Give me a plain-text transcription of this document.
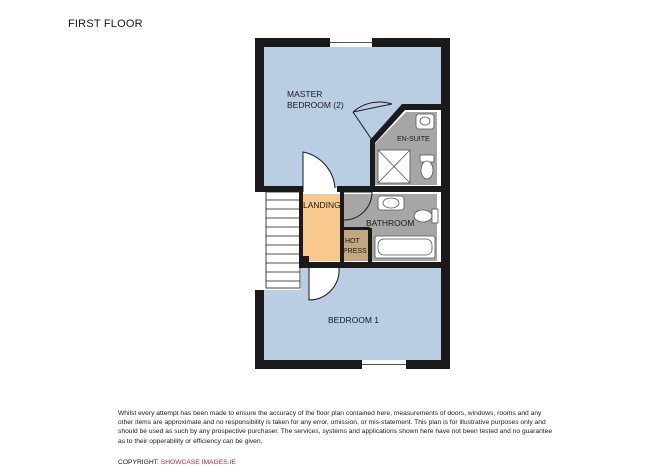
FIRST FLOOR
MASTER
BEDROOM (2)
EN-SUITE
LANDING
BATHROOM
HOT
PRESS
BEDROOM 1
Whilst every attempt has been made to ensure the accuracy of the floor plan contained here, measurements of doors, windows, rooms and any other items are approximate and no responsibility is taken for any error, omission, or mis-statement. This plan is for illustrative purposes only and should be used as such by any prospective purchaser. The services, systems and applications shown here have not been tested and no guarantee as to their opperability or efficiency can be given.
COPYRIGHT: SHOWCASE IMAGES.IE
